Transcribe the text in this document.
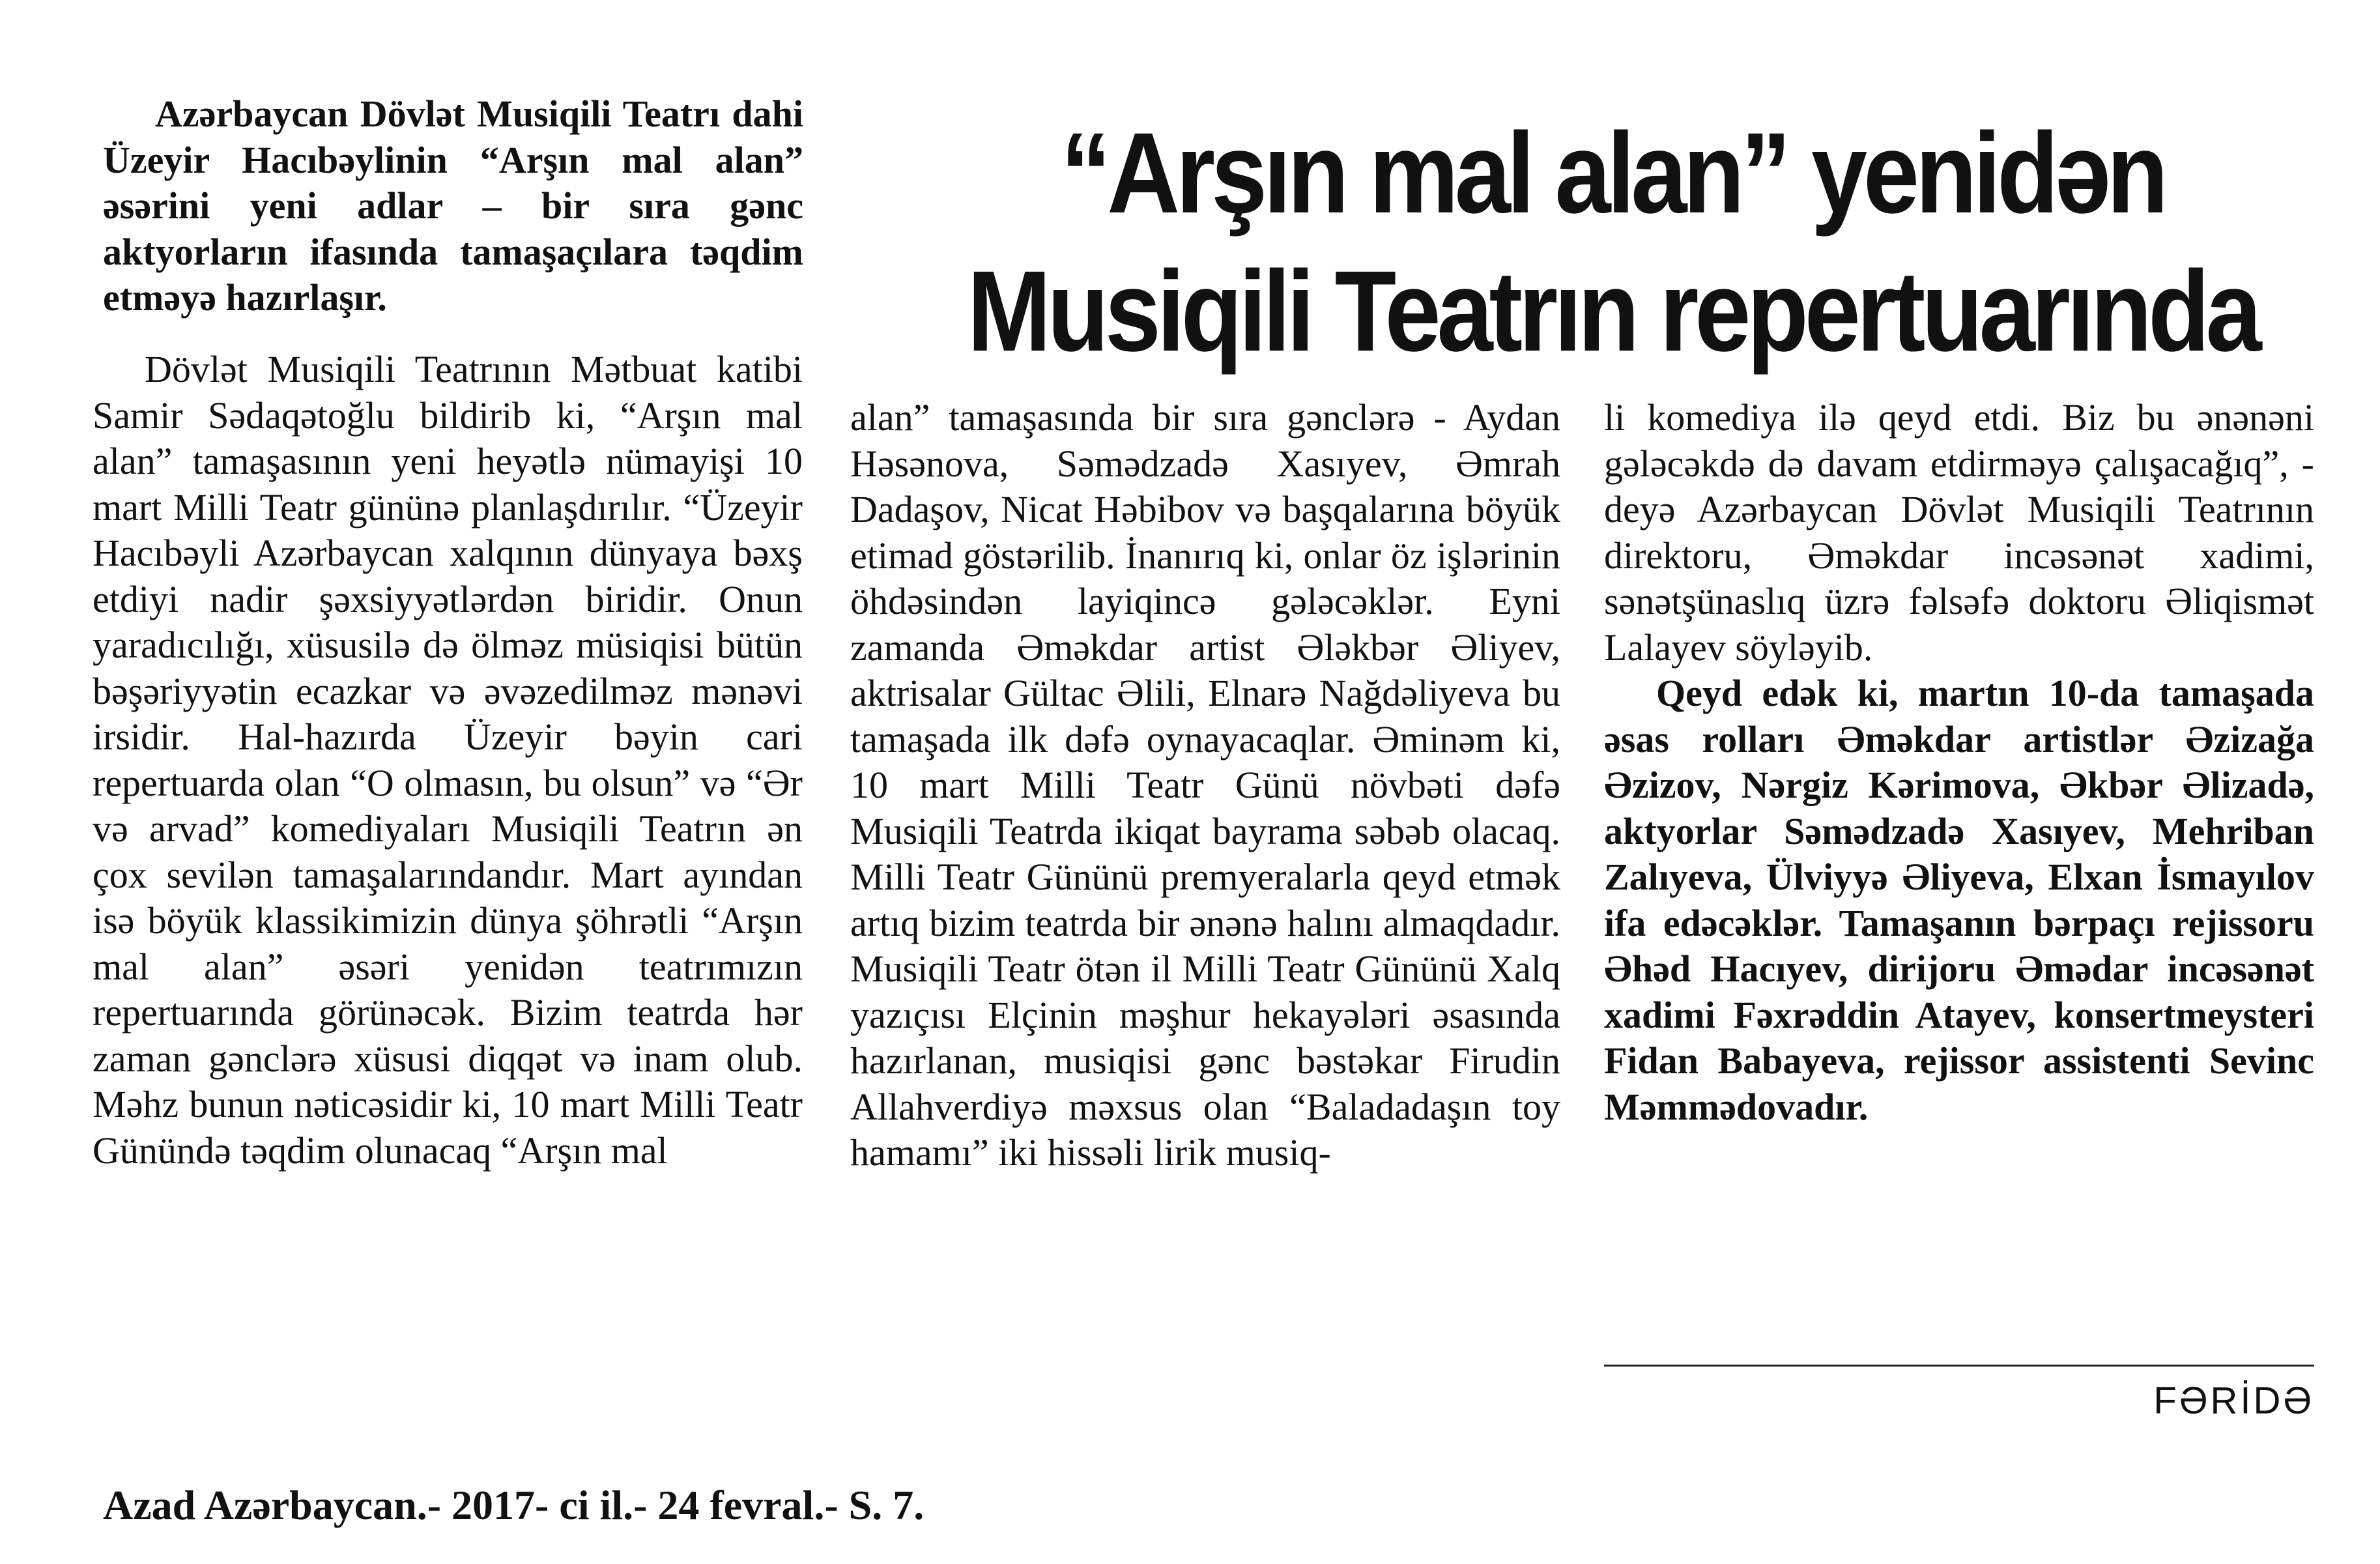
“Arşın mal alan” yenidən
Musiqili Teatrın repertuarında

Azərbaycan Dövlət Musiqili Teatrı dahi Üzeyir Hacıbəylinin “Arşın mal alan” əsərini yeni adlar – bir sıra gənc aktyorların ifasında tamaşaçılara təqdim etməyə hazırlaşır.

Dövlət Musiqili Teatrının Mətbuat katibi Samir Sədaqətoğlu bildirib ki, “Arşın mal alan” tamaşasının yeni heyətlə nümayişi 10 mart Milli Teatr gününə planlaşdırılır. “Üzeyir Hacıbəyli Azərbaycan xalqının dünyaya bəxş etdiyi nadir şəxsiyyətlərdən biridir. Onun yaradıcılığı, xüsusilə də ölməz müsiqisi bütün bəşəriyyətin ecazkar və əvəzedilməz mənəvi irsidir. Hal-hazırda Üzeyir bəyin cari repertuarda olan “O olmasın, bu olsun” və “Ər və arvad” komediyaları Musiqili Teatrın ən çox sevilən tamaşalarındandır. Mart ayından isə böyük klassikimizin dünya şöhrətli “Arşın mal alan” əsəri yenidən teatrımızın repertuarında görünəcək. Bizim teatrda hər zaman gənclərə xüsusi diqqət və inam olub. Məhz bunun nəticəsidir ki, 10 mart Milli Teatr Günündə təqdim olunacaq “Arşın mal

alan” tamaşasında bir sıra gənclərə - Aydan Həsənova, Səmədzadə Xasıyev, Əmrah Dadaşov, Nicat Həbibov və başqalarına böyük etimad göstərilib. İnanırıq ki, onlar öz işlərinin öhdəsindən layiqincə gələcəklər. Eyni zamanda Əməkdar artist Ələkbər Əliyev, aktrisalar Gültac Əlili, Elnarə Nağdəliyeva bu tamaşada ilk dəfə oynayacaqlar. Əminəm ki, 10 mart Milli Teatr Günü növbəti dəfə Musiqili Teatrda ikiqat bayrama səbəb olacaq. Milli Teatr Gününü premyeralarla qeyd etmək artıq bizim teatrda bir ənənə halını almaqdadır. Musiqili Teatr ötən il Milli Teatr Gününü Xalq yazıçısı Elçinin məşhur hekayələri əsasında hazırlanan, musiqisi gənc bəstəkar Firudin Allahverdiyə məxsus olan “Baladadaşın toy hamamı” iki hissəli lirik musiq-

li komediya ilə qeyd etdi. Biz bu ənənəni gələcəkdə də davam etdirməyə çalışacağıq”, - deyə Azərbaycan Dövlət Musiqili Teatrının direktoru, Əməkdar incəsənət xadimi, sənətşünaslıq üzrə fəlsəfə doktoru Əliqismət Lalayev söyləyib.

Qeyd edək ki, martın 10-da tamaşada əsas rolları Əməkdar artistlər Əzizağa Əzizov, Nərgiz Kərimova, Əkbər Əlizadə, aktyorlar Səmədzadə Xasıyev, Mehriban Zalıyeva, Ülviyyə Əliyeva, Elxan İsmayılov ifa edəcəklər. Tamaşanın bərpaçı rejissoru Əhəd Hacıyev, dirijoru Əmədar incəsənət xadimi Fəxrəddin Atayev, konsertmeysteri Fidan Babayeva, rejissor assistenti Sevinc Məmmədovadır.

FƏRİDƏ

Azad Azərbaycan.- 2017- ci il.- 24 fevral.- S. 7.
